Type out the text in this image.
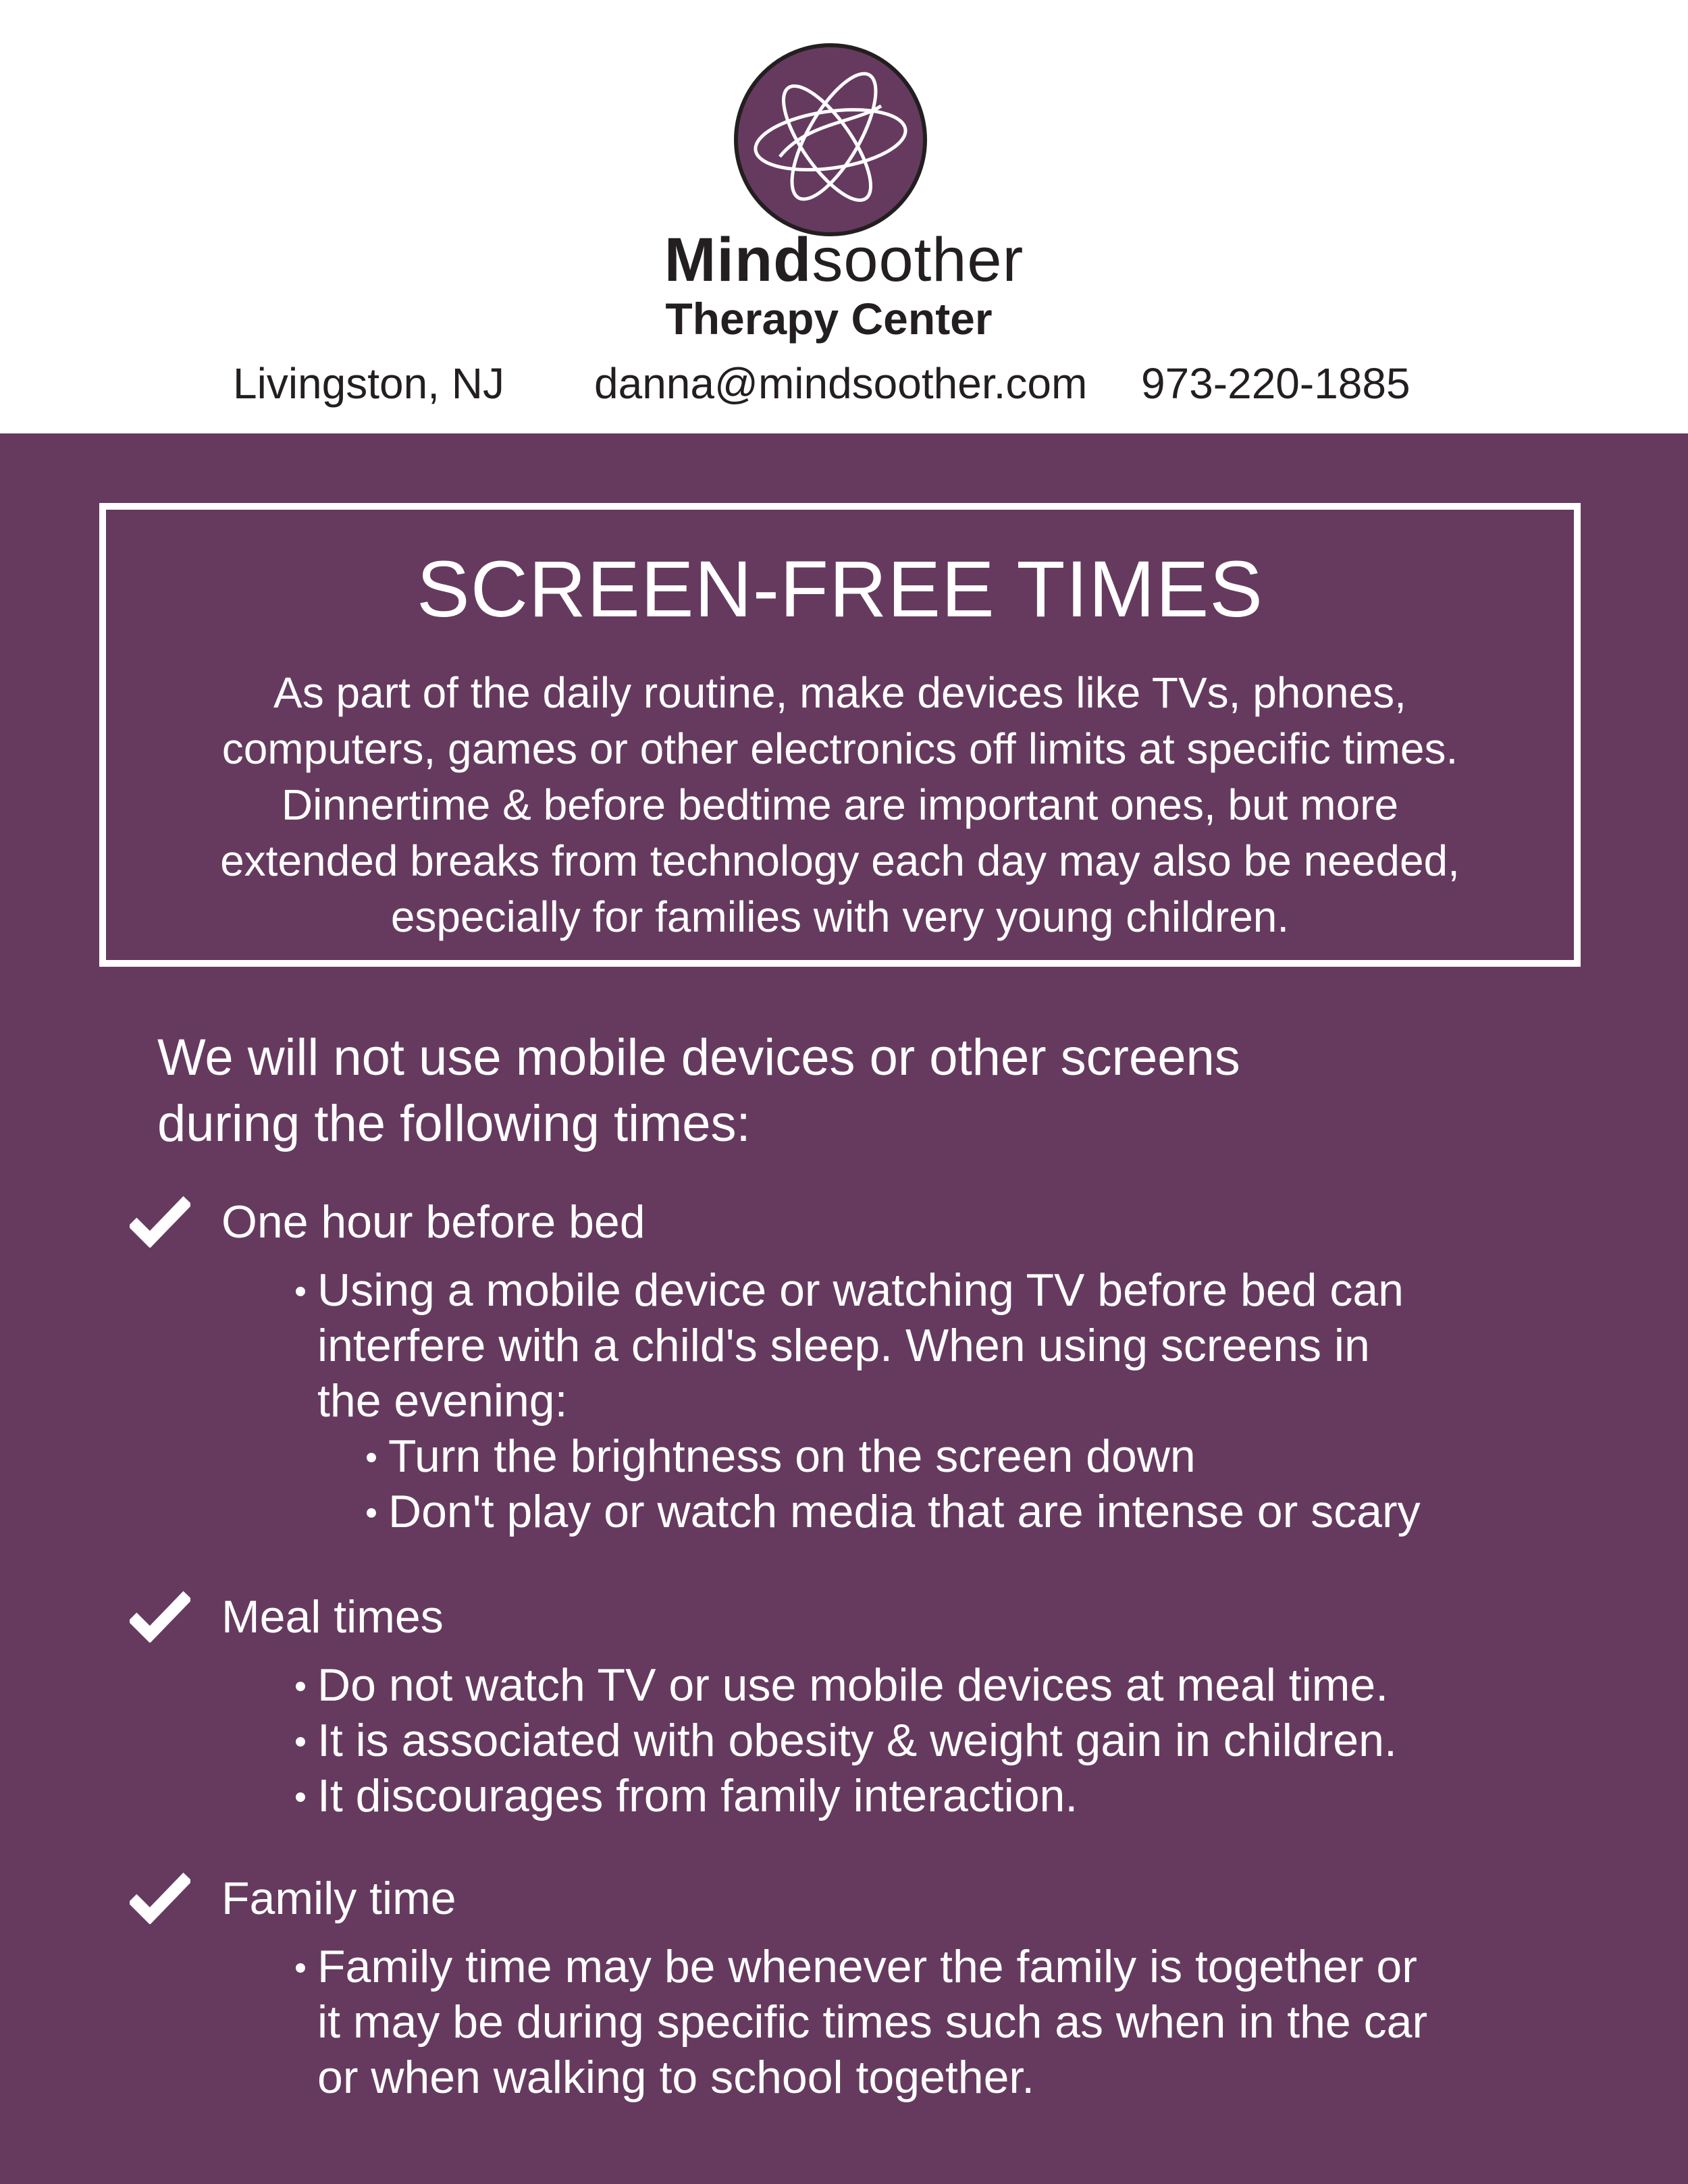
Mindsoother
Therapy Center
Livingston, NJ danna@mindsoother.com 973-220-1885
SCREEN-FREE TIMES
As part of the daily routine, make devices like TVs, phones,
computers, games or other electronics off limits at specific times.
Dinnertime & before bedtime are important ones, but more
extended breaks from technology each day may also be needed,
especially for families with very young children.
We will not use mobile devices or other screens
during the following times:
One hour before bed
Using a mobile device or watching TV before bed can
interfere with a child's sleep. When using screens in
the evening:
Turn the brightness on the screen down
Don't play or watch media that are intense or scary
Meal times
Do not watch TV or use mobile devices at meal time.
It is associated with obesity & weight gain in children.
It discourages from family interaction.
Family time
Family time may be whenever the family is together or
it may be during specific times such as when in the car
or when walking to school together.
